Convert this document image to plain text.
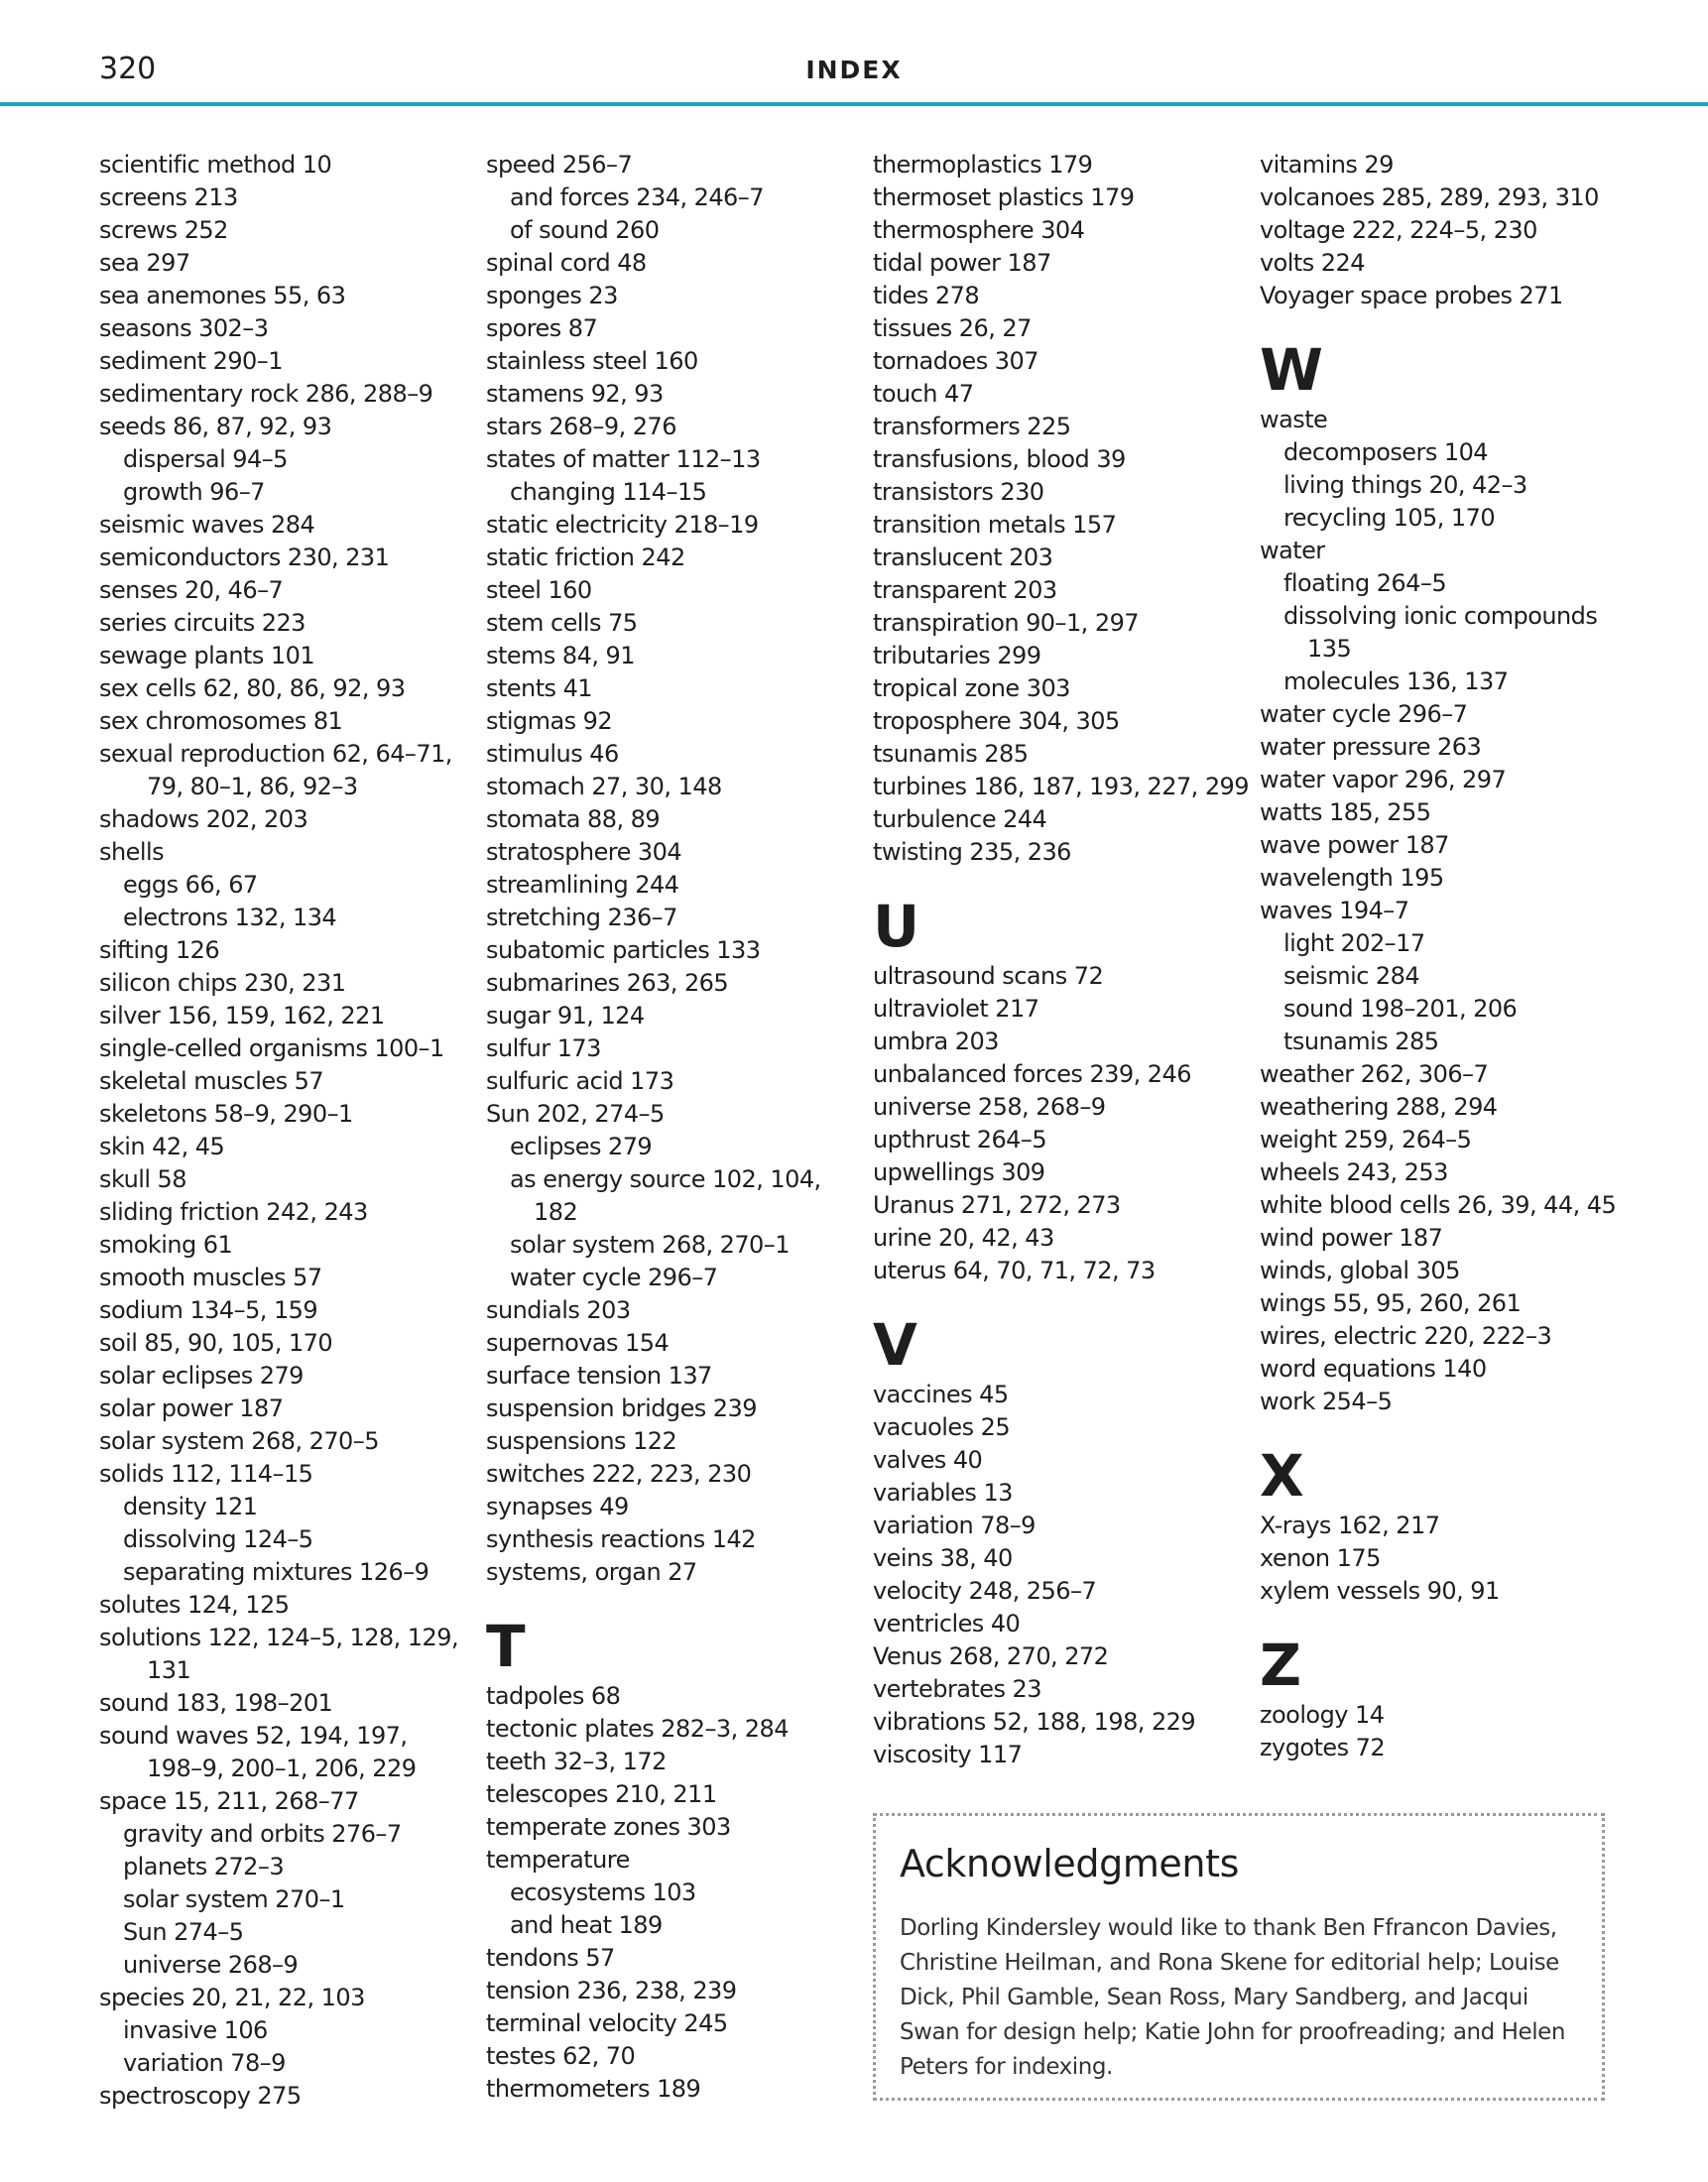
320	INDEX
scientific method 10
screens 213
screws 252
sea 297
sea anemones 55, 63
seasons 302–3
sediment 290–1
sedimentary rock 286, 288–9
seeds 86, 87, 92, 93
dispersal 94–5
growth 96–7
seismic waves 284
semiconductors 230, 231
senses 20, 46–7
series circuits 223
sewage plants 101
sex cells 62, 80, 86, 92, 93
sex chromosomes 81
sexual reproduction 62, 64–71,
79, 80–1, 86, 92–3
shadows 202, 203
shells
eggs 66, 67
electrons 132, 134
sifting 126
silicon chips 230, 231
silver 156, 159, 162, 221
single-celled organisms 100–1
skeletal muscles 57
skeletons 58–9, 290–1
skin 42, 45
skull 58
sliding friction 242, 243
smoking 61
smooth muscles 57
sodium 134–5, 159
soil 85, 90, 105, 170
solar eclipses 279
solar power 187
solar system 268, 270–5
solids 112, 114–15
density 121
dissolving 124–5
separating mixtures 126–9
solutes 124, 125
solutions 122, 124–5, 128, 129,
131
sound 183, 198–201
sound waves 52, 194, 197,
198–9, 200–1, 206, 229
space 15, 211, 268–77
gravity and orbits 276–7
planets 272–3
solar system 270–1
Sun 274–5
universe 268–9
species 20, 21, 22, 103
invasive 106
variation 78–9
spectroscopy 275
speed 256–7
and forces 234, 246–7
of sound 260
spinal cord 48
sponges 23
spores 87
stainless steel 160
stamens 92, 93
stars 268–9, 276
states of matter 112–13
changing 114–15
static electricity 218–19
static friction 242
steel 160
stem cells 75
stems 84, 91
stents 41
stigmas 92
stimulus 46
stomach 27, 30, 148
stomata 88, 89
stratosphere 304
streamlining 244
stretching 236–7
subatomic particles 133
submarines 263, 265
sugar 91, 124
sulfur 173
sulfuric acid 173
Sun 202, 274–5
eclipses 279
as energy source 102, 104,
182
solar system 268, 270–1
water cycle 296–7
sundials 203
supernovas 154
surface tension 137
suspension bridges 239
suspensions 122
switches 222, 223, 230
synapses 49
synthesis reactions 142
systems, organ 27
T
tadpoles 68
tectonic plates 282–3, 284
teeth 32–3, 172
telescopes 210, 211
temperate zones 303
temperature
ecosystems 103
and heat 189
tendons 57
tension 236, 238, 239
terminal velocity 245
testes 62, 70
thermometers 189
thermoplastics 179
thermoset plastics 179
thermosphere 304
tidal power 187
tides 278
tissues 26, 27
tornadoes 307
touch 47
transformers 225
transfusions, blood 39
transistors 230
transition metals 157
translucent 203
transparent 203
transpiration 90–1, 297
tributaries 299
tropical zone 303
troposphere 304, 305
tsunamis 285
turbines 186, 187, 193, 227, 299
turbulence 244
twisting 235, 236
U
ultrasound scans 72
ultraviolet 217
umbra 203
unbalanced forces 239, 246
universe 258, 268–9
upthrust 264–5
upwellings 309
Uranus 271, 272, 273
urine 20, 42, 43
uterus 64, 70, 71, 72, 73
V
vaccines 45
vacuoles 25
valves 40
variables 13
variation 78–9
veins 38, 40
velocity 248, 256–7
ventricles 40
Venus 268, 270, 272
vertebrates 23
vibrations 52, 188, 198, 229
viscosity 117
vitamins 29
volcanoes 285, 289, 293, 310
voltage 222, 224–5, 230
volts 224
Voyager space probes 271
W
waste
decomposers 104
living things 20, 42–3
recycling 105, 170
water
floating 264–5
dissolving ionic compounds
135
molecules 136, 137
water cycle 296–7
water pressure 263
water vapor 296, 297
watts 185, 255
wave power 187
wavelength 195
waves 194–7
light 202–17
seismic 284
sound 198–201, 206
tsunamis 285
weather 262, 306–7
weathering 288, 294
weight 259, 264–5
wheels 243, 253
white blood cells 26, 39, 44, 45
wind power 187
winds, global 305
wings 55, 95, 260, 261
wires, electric 220, 222–3
word equations 140
work 254–5
X
X-rays 162, 217
xenon 175
xylem vessels 90, 91
Z
zoology 14
zygotes 72
Acknowledgments
Dorling Kindersley would like to thank Ben Ffrancon Davies,
Christine Heilman, and Rona Skene for editorial help; Louise
Dick, Phil Gamble, Sean Ross, Mary Sandberg, and Jacqui
Swan for design help; Katie John for proofreading; and Helen
Peters for indexing.
